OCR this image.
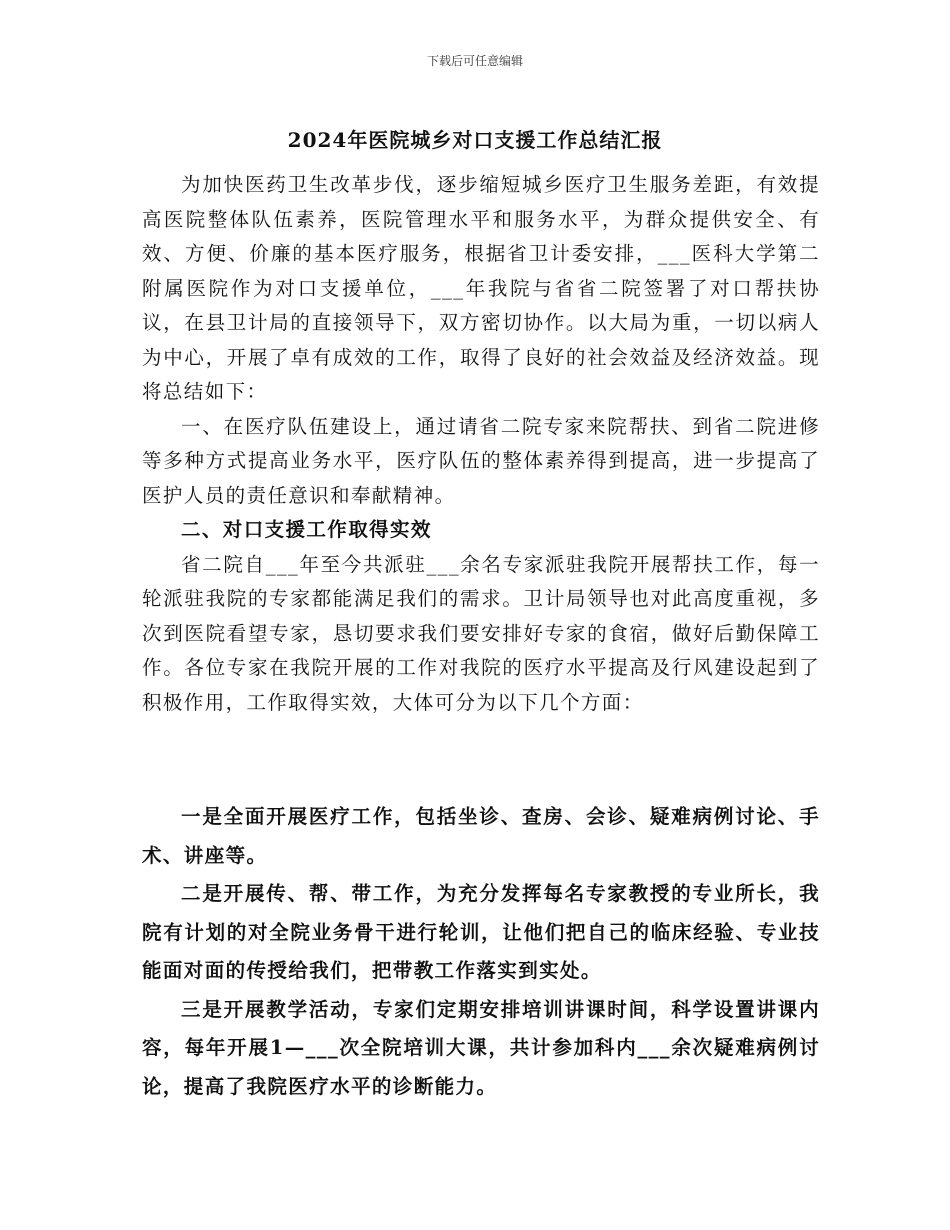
下载后可任意编辑
2024年医院城乡对口支援工作总结汇报

为加快医药卫生改革步伐，逐步缩短城乡医疗卫生服务差距，有效提高医院整体队伍素养，医院管理水平和服务水平，为群众提供安全、有效、方便、价廉的基本医疗服务，根据省卫计委安排，___医科大学第二附属医院作为对口支援单位，___年我院与省省二院签署了对口帮扶协议，在县卫计局的直接领导下，双方密切协作。以大局为重，一切以病人为中心，开展了卓有成效的工作，取得了良好的社会效益及经济效益。现将总结如下：

一、在医疗队伍建设上，通过请省二院专家来院帮扶、到省二院进修等多种方式提高业务水平，医疗队伍的整体素养得到提高，进一步提高了医护人员的责任意识和奉献精神。

二、对口支援工作取得实效

省二院自___年至今共派驻___余名专家派驻我院开展帮扶工作，每一轮派驻我院的专家都能满足我们的需求。卫计局领导也对此高度重视，多次到医院看望专家，恳切要求我们要安排好专家的食宿，做好后勤保障工作。各位专家在我院开展的工作对我院的医疗水平提高及行风建设起到了积极作用，工作取得实效，大体可分为以下几个方面：

一是全面开展医疗工作，包括坐诊、查房、会诊、疑难病例讨论、手术、讲座等。

二是开展传、帮、带工作，为充分发挥每名专家教授的专业所长，我院有计划的对全院业务骨干进行轮训，让他们把自己的临床经验、专业技能面对面的传授给我们，把带教工作落实到实处。

三是开展教学活动，专家们定期安排培训讲课时间，科学设置讲课内容，每年开展1—___次全院培训大课，共计参加科内___余次疑难病例讨论，提高了我院医疗水平的诊断能力。
